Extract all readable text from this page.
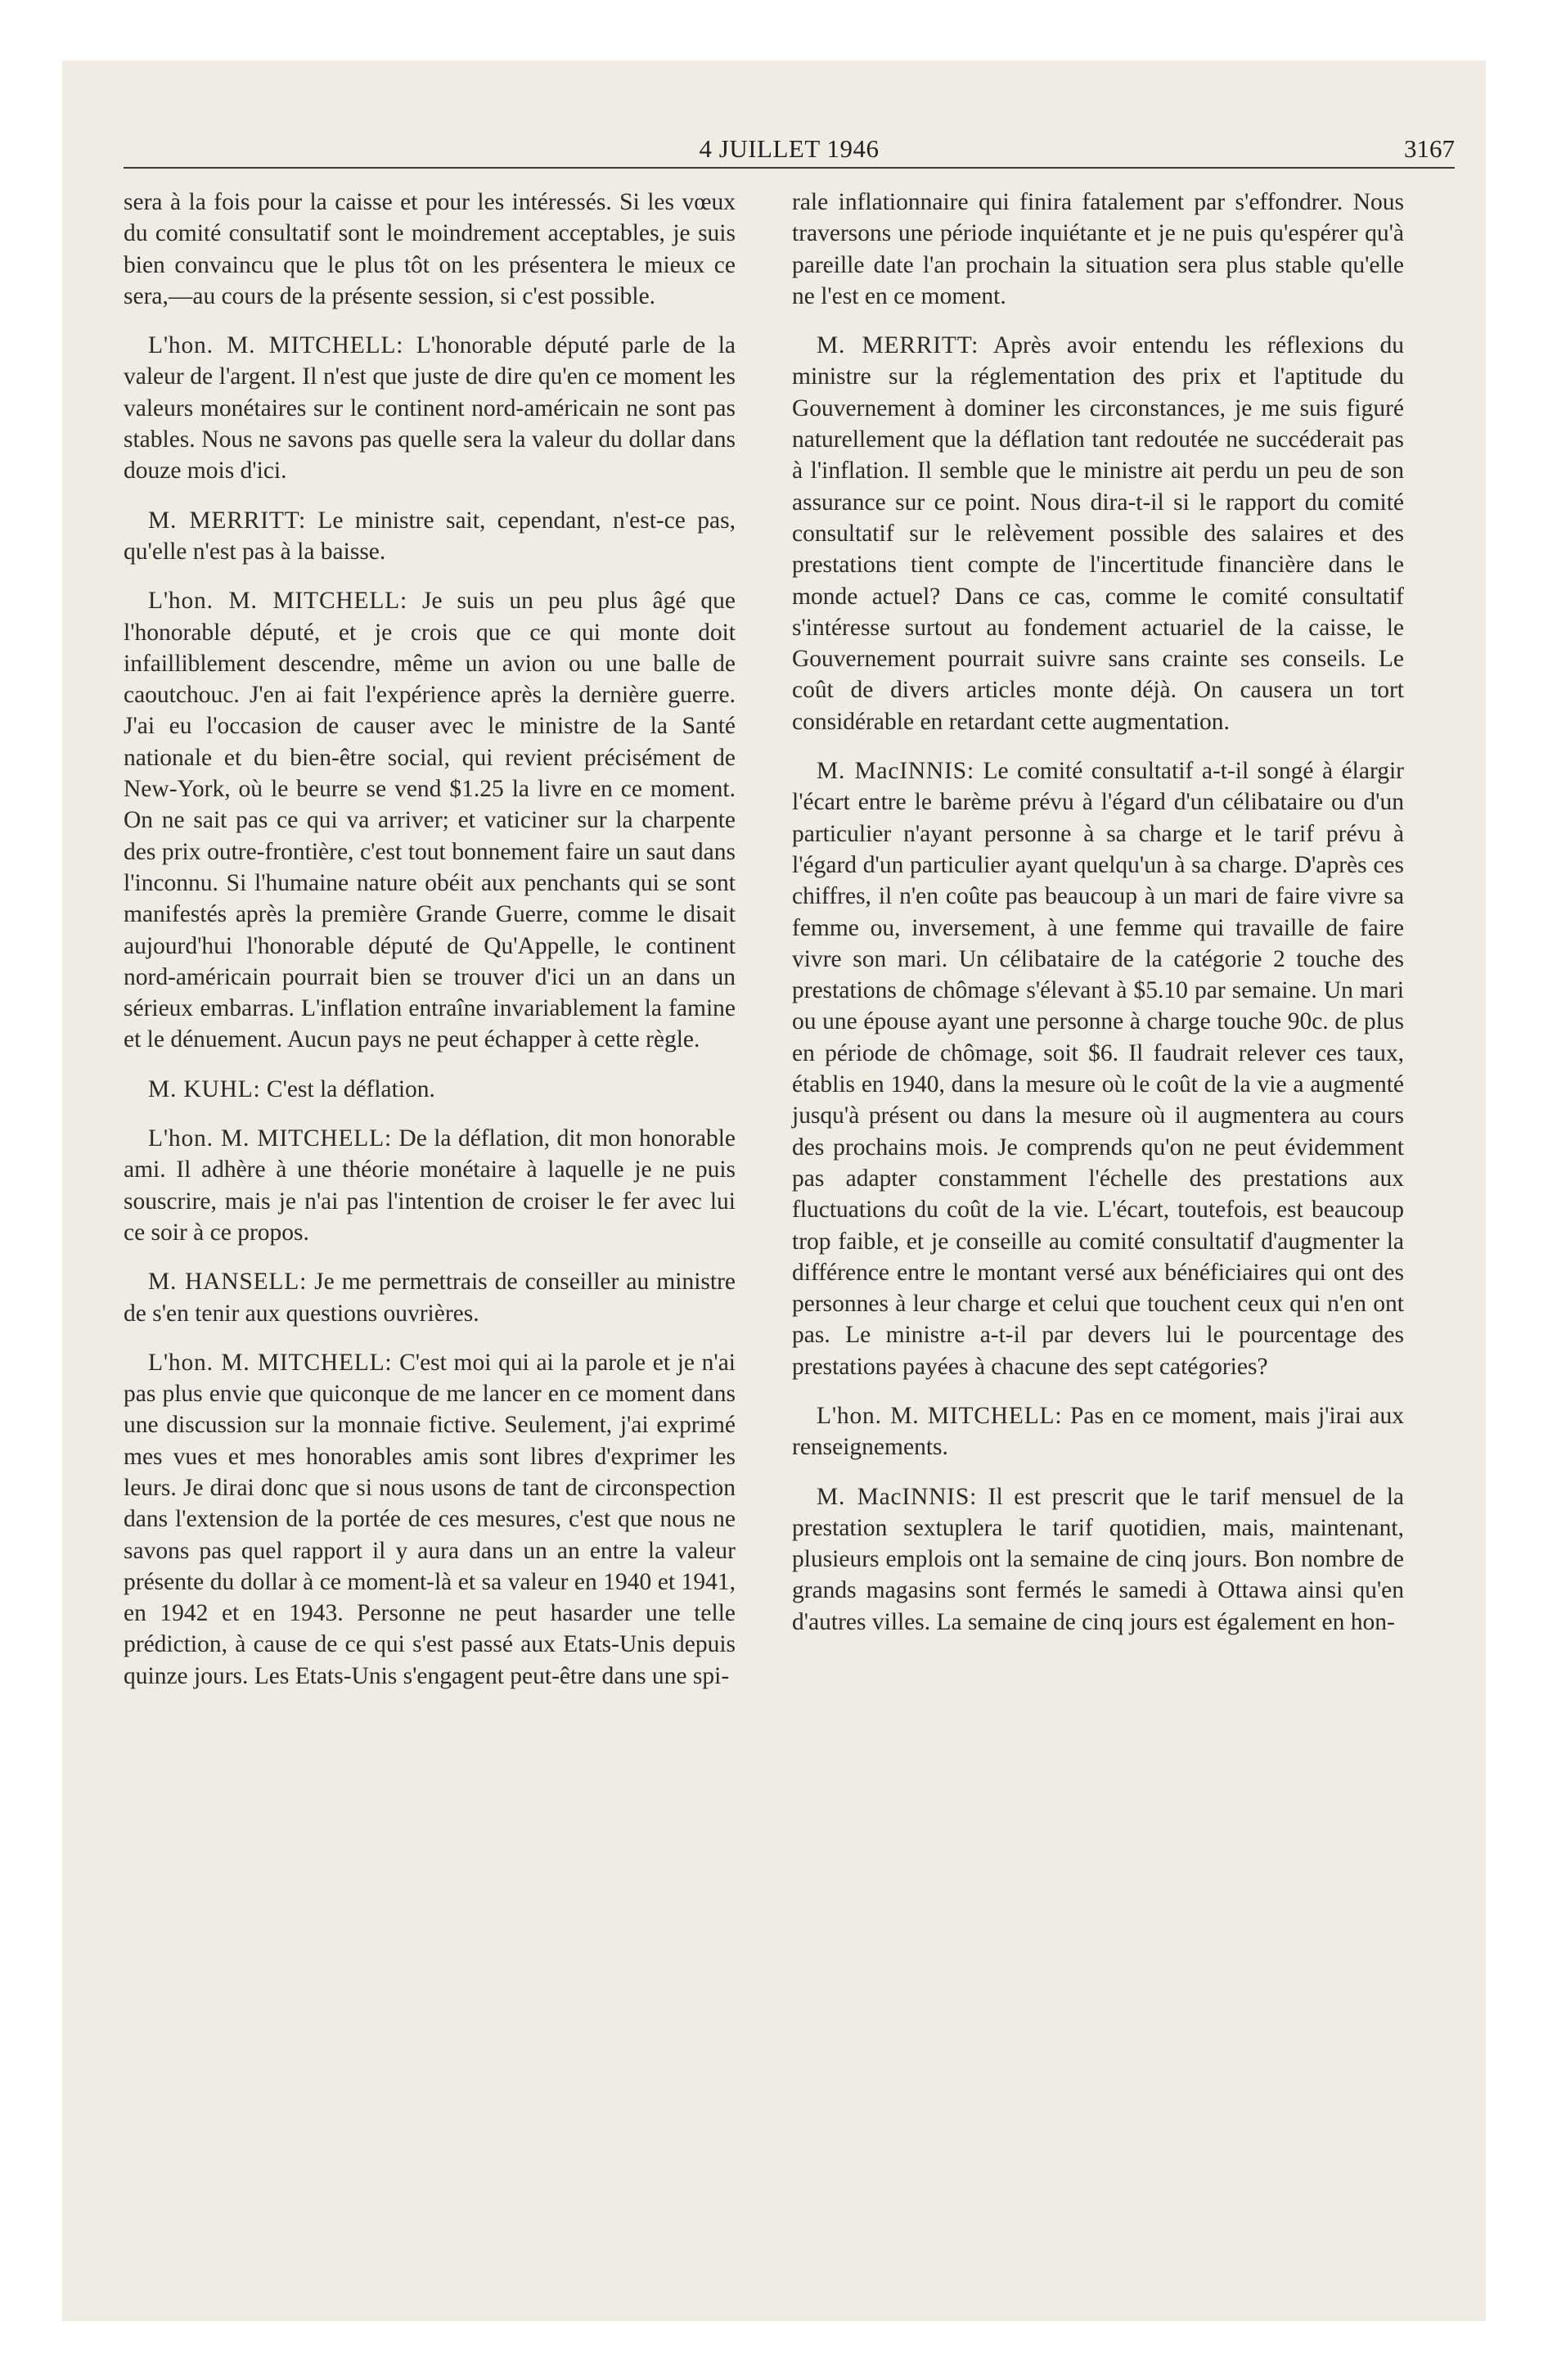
4 JUILLET 1946	3167

sera à la fois pour la caisse et pour les intéressés. Si les vœux du comité consultatif sont le moindrement acceptables, je suis bien convaincu que le plus tôt on les présentera le mieux ce sera,—au cours de la présente session, si c'est possible.

L'hon. M. MITCHELL: L'honorable député parle de la valeur de l'argent. Il n'est que juste de dire qu'en ce moment les valeurs monétaires sur le continent nord-américain ne sont pas stables. Nous ne savons pas quelle sera la valeur du dollar dans douze mois d'ici.

M. MERRITT: Le ministre sait, cependant, n'est-ce pas, qu'elle n'est pas à la baisse.

L'hon. M. MITCHELL: Je suis un peu plus âgé que l'honorable député, et je crois que ce qui monte doit infailliblement descendre, même un avion ou une balle de caoutchouc. J'en ai fait l'expérience après la dernière guerre. J'ai eu l'occasion de causer avec le ministre de la Santé nationale et du bien-être social, qui revient précisément de New-York, où le beurre se vend $1.25 la livre en ce moment. On ne sait pas ce qui va arriver; et vaticiner sur la charpente des prix outre-frontière, c'est tout bonnement faire un saut dans l'inconnu. Si l'humaine nature obéit aux penchants qui se sont manifestés après la première Grande Guerre, comme le disait aujourd'hui l'honorable député de Qu'Appelle, le continent nord-américain pourrait bien se trouver d'ici un an dans un sérieux embarras. L'inflation entraîne invariablement la famine et le dénuement. Aucun pays ne peut échapper à cette règle.

M. KUHL: C'est la déflation.

L'hon. M. MITCHELL: De la déflation, dit mon honorable ami. Il adhère à une théorie monétaire à laquelle je ne puis souscrire, mais je n'ai pas l'intention de croiser le fer avec lui ce soir à ce propos.

M. HANSELL: Je me permettrais de conseiller au ministre de s'en tenir aux questions ouvrières.

L'hon. M. MITCHELL: C'est moi qui ai la parole et je n'ai pas plus envie que quiconque de me lancer en ce moment dans une discussion sur la monnaie fictive. Seulement, j'ai exprimé mes vues et mes honorables amis sont libres d'exprimer les leurs. Je dirai donc que si nous usons de tant de circonspection dans l'extension de la portée de ces mesures, c'est que nous ne savons pas quel rapport il y aura dans un an entre la valeur présente du dollar à ce moment-là et sa valeur en 1940 et 1941, en 1942 et en 1943. Personne ne peut hasarder une telle prédiction, à cause de ce qui s'est passé aux Etats-Unis depuis quinze jours. Les Etats-Unis s'engagent peut-être dans une spi-

rale inflationnaire qui finira fatalement par s'effondrer. Nous traversons une période inquiétante et je ne puis qu'espérer qu'à pareille date l'an prochain la situation sera plus stable qu'elle ne l'est en ce moment.

M. MERRITT: Après avoir entendu les réflexions du ministre sur la réglementation des prix et l'aptitude du Gouvernement à dominer les circonstances, je me suis figuré naturellement que la déflation tant redoutée ne succéderait pas à l'inflation. Il semble que le ministre ait perdu un peu de son assurance sur ce point. Nous dira-t-il si le rapport du comité consultatif sur le relèvement possible des salaires et des prestations tient compte de l'incertitude financière dans le monde actuel? Dans ce cas, comme le comité consultatif s'intéresse surtout au fondement actuariel de la caisse, le Gouvernement pourrait suivre sans crainte ses conseils. Le coût de divers articles monte déjà. On causera un tort considérable en retardant cette augmentation.

M. MacINNIS: Le comité consultatif a-t-il songé à élargir l'écart entre le barème prévu à l'égard d'un célibataire ou d'un particulier n'ayant personne à sa charge et le tarif prévu à l'égard d'un particulier ayant quelqu'un à sa charge. D'après ces chiffres, il n'en coûte pas beaucoup à un mari de faire vivre sa femme ou, inversement, à une femme qui travaille de faire vivre son mari. Un célibataire de la catégorie 2 touche des prestations de chômage s'élevant à $5.10 par semaine. Un mari ou une épouse ayant une personne à charge touche 90c. de plus en période de chômage, soit $6. Il faudrait relever ces taux, établis en 1940, dans la mesure où le coût de la vie a augmenté jusqu'à présent ou dans la mesure où il augmentera au cours des prochains mois. Je comprends qu'on ne peut évidemment pas adapter constamment l'échelle des prestations aux fluctuations du coût de la vie. L'écart, toutefois, est beaucoup trop faible, et je conseille au comité consultatif d'augmenter la différence entre le montant versé aux bénéficiaires qui ont des personnes à leur charge et celui que touchent ceux qui n'en ont pas. Le ministre a-t-il par devers lui le pourcentage des prestations payées à chacune des sept catégories?

L'hon. M. MITCHELL: Pas en ce moment, mais j'irai aux renseignements.

M. MacINNIS: Il est prescrit que le tarif mensuel de la prestation sextuplera le tarif quotidien, mais, maintenant, plusieurs emplois ont la semaine de cinq jours. Bon nombre de grands magasins sont fermés le samedi à Ottawa ainsi qu'en d'autres villes. La semaine de cinq jours est également en hon-
